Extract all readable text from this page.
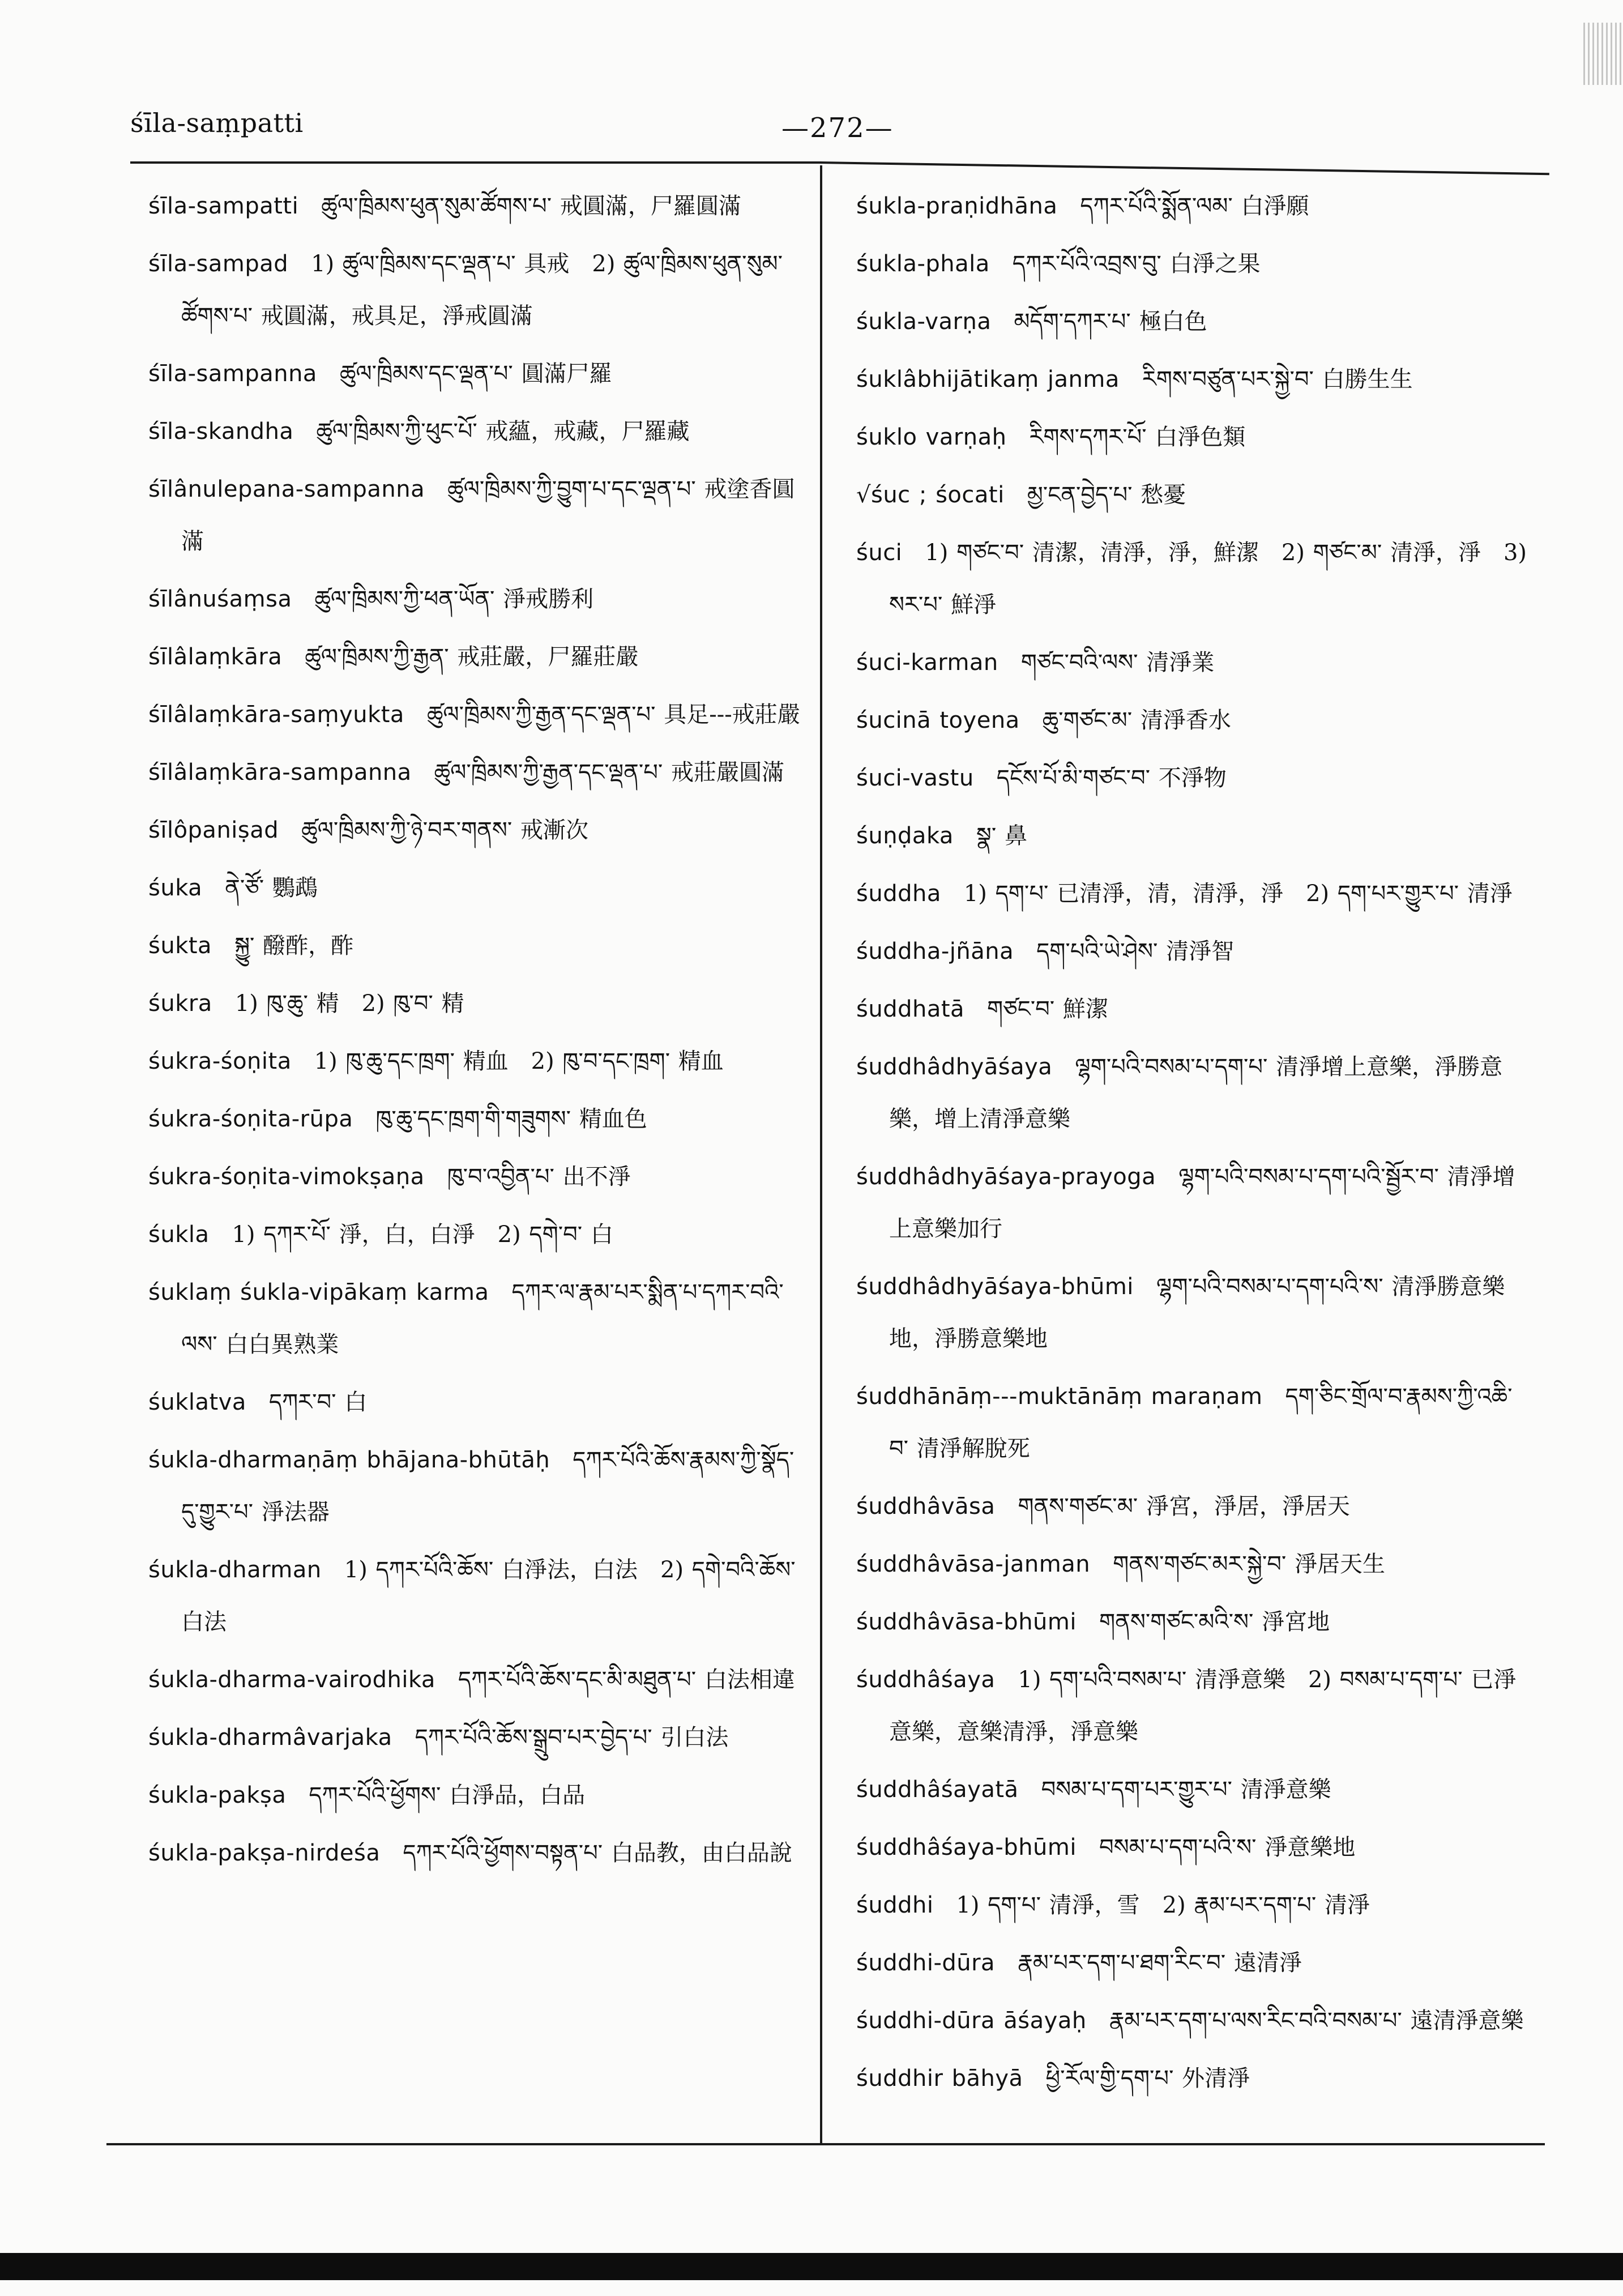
śīla-saṃpatti	—272—
śīla-sampatti　 ཚུལ་ཁྲིམས་ཕུན་སུམ་ཚོགས་པ་ 戒圓滿，尸羅圓滿
śīla-sampad　 1) ཚུལ་ཁྲིམས་དང་ལྡན་པ་ 具戒　2) ཚུལ་ཁྲིམས་ཕུན་སུམ་ཚོགས་པ་ 戒圓滿，戒具足，淨戒圓滿
śīla-sampanna　 ཚུལ་ཁྲིམས་དང་ལྡན་པ་ 圓滿尸羅
śīla-skandha　 ཚུལ་ཁྲིམས་ཀྱི་ཕུང་པོ་ 戒蘊，戒藏，尸羅藏
śīlânulepana-sampanna　 ཚུལ་ཁྲིམས་ཀྱི་བྱུག་པ་དང་ལྡན་པ་ 戒塗香圓滿
śīlânuśaṃsa　 ཚུལ་ཁྲིམས་ཀྱི་ཕན་ཡོན་ 淨戒勝利
śīlâlaṃkāra　 ཚུལ་ཁྲིམས་ཀྱི་རྒྱན་ 戒莊嚴，尸羅莊嚴
śīlâlaṃkāra-saṃyukta　 ཚུལ་ཁྲིམས་ཀྱི་རྒྱན་དང་ལྡན་པ་ 具足---戒莊嚴
śīlâlaṃkāra-sampanna　 ཚུལ་ཁྲིམས་ཀྱི་རྒྱན་དང་ལྡན་པ་ 戒莊嚴圓滿
śīlôpaniṣad　 ཚུལ་ཁྲིམས་ཀྱི་ཉེ་བར་གནས་ 戒漸次
śuka　 ནེ་ཙོ་ 鸚鵡
śukta　 སྐྱུ་ 醱酢，酢
śukra　 1) ཁུ་ཆུ་ 精　2) ཁུ་བ་ 精
śukra-śoṇita　 1) ཁུ་ཆུ་དང་ཁྲག་ 精血　2) ཁུ་བ་དང་ཁྲག་ 精血
śukra-śoṇita-rūpa　 ཁུ་ཆུ་དང་ཁྲག་གི་གཟུགས་ 精血色
śukra-śoṇita-vimokṣaṇa　 ཁུ་བ་འབྱིན་པ་ 出不淨
śukla　 1) དཀར་པོ་ 淨，白，白淨　2) དགེ་བ་ 白
śuklaṃ śukla-vipākaṃ karma　 དཀར་ལ་རྣམ་པར་སྨིན་པ་དཀར་བའི་ལས་ 白白異熟業
śuklatva　 དཀར་བ་ 白
śukla-dharmaṇāṃ bhājana-bhūtāḥ　 དཀར་པོའི་ཆོས་རྣམས་ཀྱི་སྣོད་དུ་གྱུར་པ་ 淨法器
śukla-dharman　 1) དཀར་པོའི་ཆོས་ 白淨法，白法　2) དགེ་བའི་ཆོས་ 白法
śukla-dharma-vairodhika　 དཀར་པོའི་ཆོས་དང་མི་མཐུན་པ་ 白法相違
śukla-dharmâvarjaka　 དཀར་པོའི་ཆོས་སྒྲུབ་པར་བྱེད་པ་ 引白法
śukla-pakṣa　 དཀར་པོའི་ཕྱོགས་ 白淨品，白品
śukla-pakṣa-nirdeśa　 དཀར་པོའི་ཕྱོགས་བསྟན་པ་ 白品教，由白品說
śukla-praṇidhāna　 དཀར་པོའི་སྨོན་ལམ་ 白淨願
śukla-phala　 དཀར་པོའི་འབྲས་བུ་ 白淨之果
śukla-varṇa　 མདོག་དཀར་པ་ 極白色
śuklâbhijātikaṃ janma　 རིགས་བཙུན་པར་སྐྱེ་བ་ 白勝生生
śuklo varṇaḥ　 རིགས་དཀར་པོ་ 白淨色類
√śuc ; śocati　 མྱ་ངན་བྱེད་པ་ 愁憂
śuci　 1) གཙང་བ་ 清潔，清淨，淨，鮮潔　2) གཙང་མ་ 清淨，淨　3) སར་པ་ 鮮淨
śuci-karman　 གཙང་བའི་ལས་ 清淨業
śucinā toyena　 ཆུ་གཙང་མ་ 清淨香水
śuci-vastu　 དངོས་པོ་མི་གཙང་བ་ 不淨物
śuṇḍaka　 སྣ་ 鼻
śuddha　 1) དག་པ་ 已清淨，清，清淨，淨　2) དག་པར་གྱུར་པ་ 清淨
śuddha-jñāna　 དག་པའི་ཡེ་ཤེས་ 清淨智
śuddhatā　 གཙང་བ་ 鮮潔
śuddhâdhyāśaya　 ལྷག་པའི་བསམ་པ་དག་པ་ 清淨增上意樂，淨勝意樂，增上清淨意樂
śuddhâdhyāśaya-prayoga　 ལྷག་པའི་བསམ་པ་དག་པའི་སྦྱོར་བ་ 清淨增上意樂加行
śuddhâdhyāśaya-bhūmi　 ལྷག་པའི་བསམ་པ་དག་པའི་ས་ 清淨勝意樂地，淨勝意樂地
śuddhānāṃ---muktānāṃ maraṇam　 དག་ཅིང་གྲོལ་བ་རྣམས་ཀྱི་འཆི་བ་ 清淨解脫死
śuddhâvāsa　 གནས་གཙང་མ་ 淨宮，淨居，淨居天
śuddhâvāsa-janman　 གནས་གཙང་མར་སྐྱེ་བ་ 淨居天生
śuddhâvāsa-bhūmi　 གནས་གཙང་མའི་ས་ 淨宮地
śuddhâśaya　 1) དག་པའི་བསམ་པ་ 清淨意樂　2) བསམ་པ་དག་པ་ 已淨意樂，意樂清淨，淨意樂
śuddhâśayatā　 བསམ་པ་དག་པར་གྱུར་པ་ 清淨意樂
śuddhâśaya-bhūmi　 བསམ་པ་དག་པའི་ས་ 淨意樂地
śuddhi　 1) དག་པ་ 清淨，雪　2) རྣམ་པར་དག་པ་ 清淨
śuddhi-dūra　 རྣམ་པར་དག་པ་ཐག་རིང་བ་ 遠清淨
śuddhi-dūra āśayaḥ　 རྣམ་པར་དག་པ་ལས་རིང་བའི་བསམ་པ་ 遠清淨意樂
śuddhir bāhyā　 ཕྱི་རོལ་གྱི་དག་པ་ 外清淨
